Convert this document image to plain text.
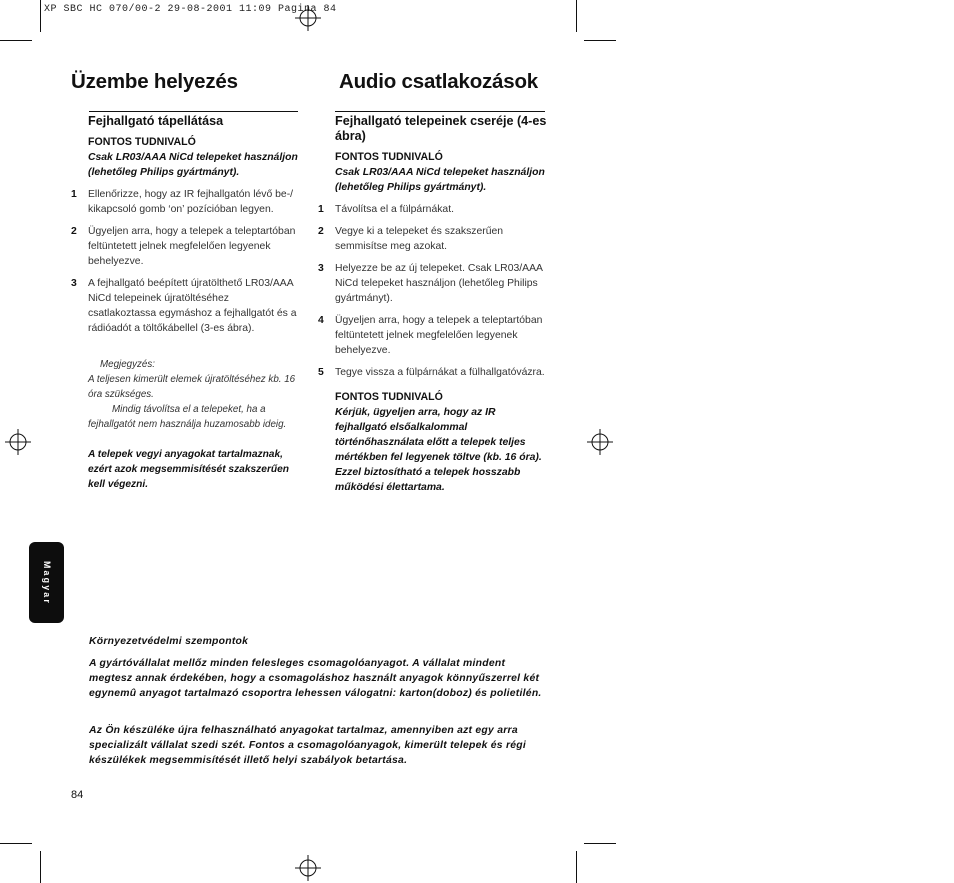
XP SBC HC 070/00-2 29-08-2001 11:09 Pagina 84
Üzembe helyezés	Audio csatlakozások
Fejhallgató tápellátása
FONTOS TUDNIVALÓ
Csak LR03/AAA NiCd telepeket használjon (lehetőleg Philips gyártmányt).
1 Ellenőrizze, hogy az IR fejhallgatón lévő be-/ kikapcsoló gomb ‘on’ pozícióban legyen.
2 Ügyeljen arra, hogy a telepek a teleptartóban feltüntetett jelnek megfelelően legyenek behelyezve.
3 A fejhallgató beépített újratölthető LR03/AAA NiCd telepeinek újratöltéséhez csatlakoztassa egymáshoz a fejhallgatót és a rádióadót a töltőkábellel (3-es ábra).
Megjegyzés:
A teljesen kimerült elemek újratöltéséhez kb. 16 óra szükséges.
Mindig távolítsa el a telepeket, ha a fejhallgatót nem használja huzamosabb ideig.
A telepek vegyi anyagokat tartalmaznak, ezért azok megsemmisítését szakszerűen kell végezni.
Fejhallgató telepeinek cseréje (4-es ábra)
FONTOS TUDNIVALÓ
Csak LR03/AAA NiCd telepeket használjon (lehetőleg Philips gyártmányt).
1 Távolítsa el a fülpárnákat.
2 Vegye ki a telepeket és szakszerűen semmisítse meg azokat.
3 Helyezze be az új telepeket. Csak LR03/AAA NiCd telepeket használjon (lehetőleg Philips gyártmányt).
4 Ügyeljen arra, hogy a telepek a teleptartóban feltüntetett jelnek megfelelően legyenek behelyezve.
5 Tegye vissza a fülpárnákat a fülhallgatóvázra.
FONTOS TUDNIVALÓ
Kérjük, ügyeljen arra, hogy az IR fejhallgató elsőalkalommal történőhasználata előtt a telepek teljes mértékben fel legyenek töltve (kb. 16 óra). Ezzel biztosítható a telepek hosszabb működési élettartama.
Magyar
Környezetvédelmi szempontok
A gyártóvállalat mellőz minden felesleges csomagolóanyagot. A vállalat mindent megtesz annak érdekében, hogy a csomagoláshoz használt anyagok könnyűszerrel két egynemû anyagot tartalmazó csoportra lehessen válogatni: karton(doboz) és polietilén.
Az Ön készüléke újra felhasználható anyagokat tartalmaz, amennyiben azt egy arra specializált vállalat szedi szét. Fontos a csomagolóanyagok, kimerült telepek és régi készülékek megsemmisítését illető helyi szabályok betartása.
84
